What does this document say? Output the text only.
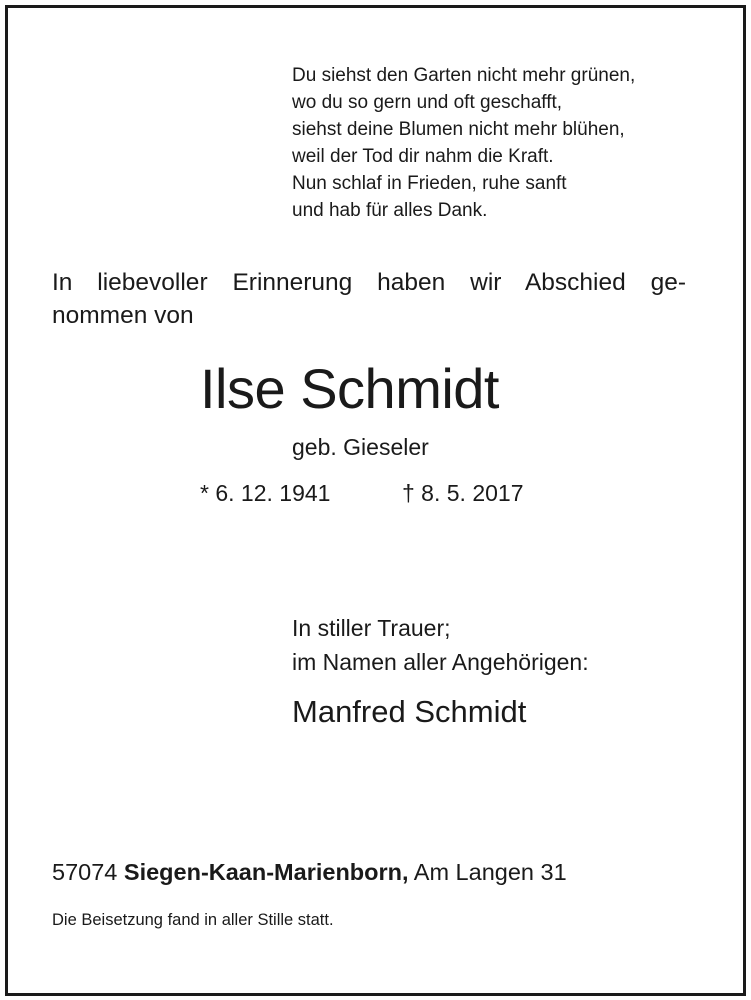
Du siehst den Garten nicht mehr grünen,
wo du so gern und oft geschafft,
siehst deine Blumen nicht mehr blühen,
weil der Tod dir nahm die Kraft.
Nun schlaf in Frieden, ruhe sanft
und hab für alles Dank.
In liebevoller Erinnerung haben wir Abschied ge-
nommen von
Ilse Schmidt
geb. Gieseler
* 6. 12. 1941	† 8. 5. 2017
In stiller Trauer;
im Namen aller Angehörigen:
Manfred Schmidt
57074 Siegen-Kaan-Marienborn, Am Langen 31
Die Beisetzung fand in aller Stille statt.
